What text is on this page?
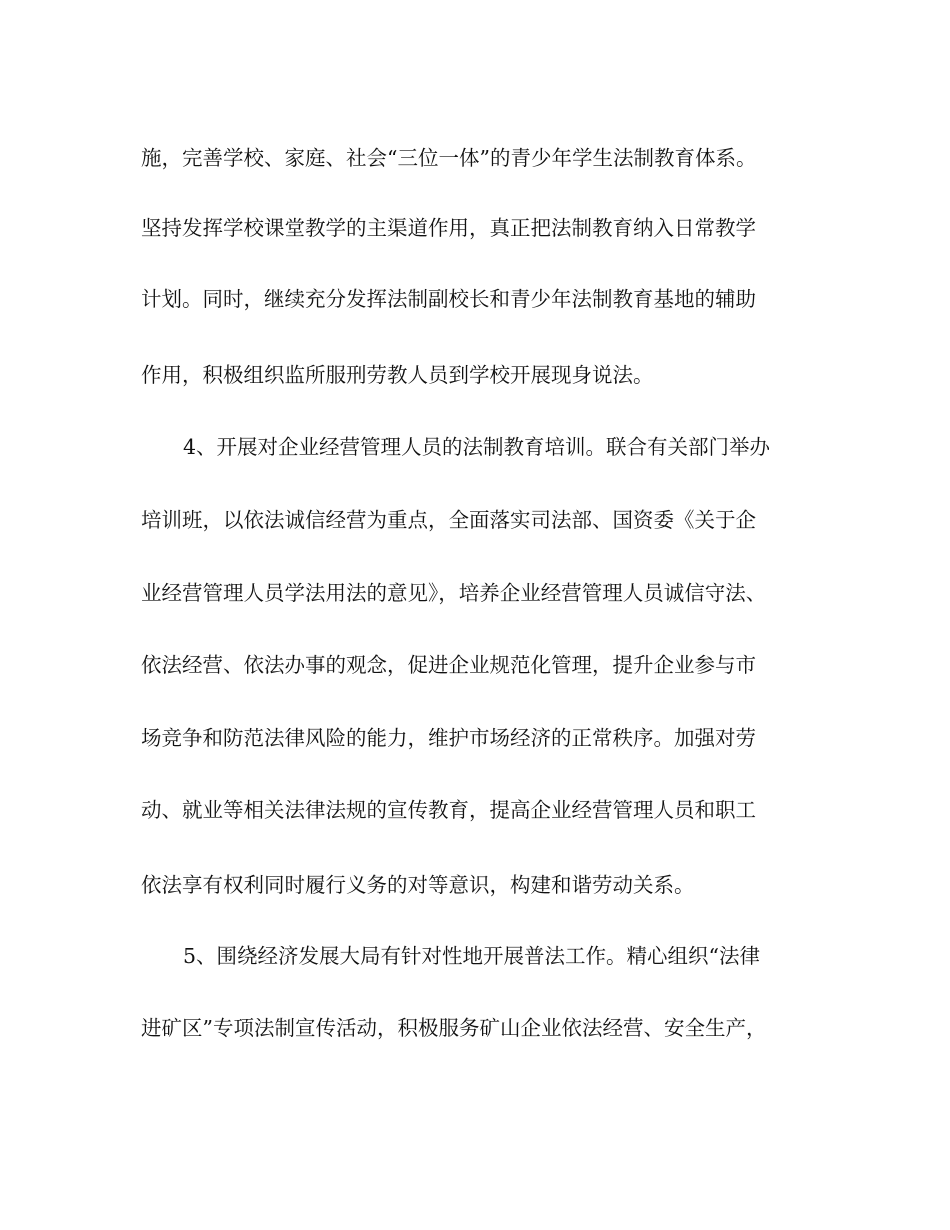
施，完善学校、家庭、社会“三位一体”的青少年学生法制教育体系。
坚持发挥学校课堂教学的主渠道作用，真正把法制教育纳入日常教学
计划。同时，继续充分发挥法制副校长和青少年法制教育基地的辅助
作用，积极组织监所服刑劳教人员到学校开展现身说法。
4、开展对企业经营管理人员的法制教育培训。联合有关部门举办
培训班，以依法诚信经营为重点，全面落实司法部、国资委《关于企
业经营管理人员学法用法的意见》，培养企业经营管理人员诚信守法、
依法经营、依法办事的观念，促进企业规范化管理，提升企业参与市
场竞争和防范法律风险的能力，维护市场经济的正常秩序。加强对劳
动、就业等相关法律法规的宣传教育，提高企业经营管理人员和职工
依法享有权利同时履行义务的对等意识，构建和谐劳动关系。
5、围绕经济发展大局有针对性地开展普法工作。精心组织“法律
进矿区”专项法制宣传活动，积极服务矿山企业依法经营、安全生产，
